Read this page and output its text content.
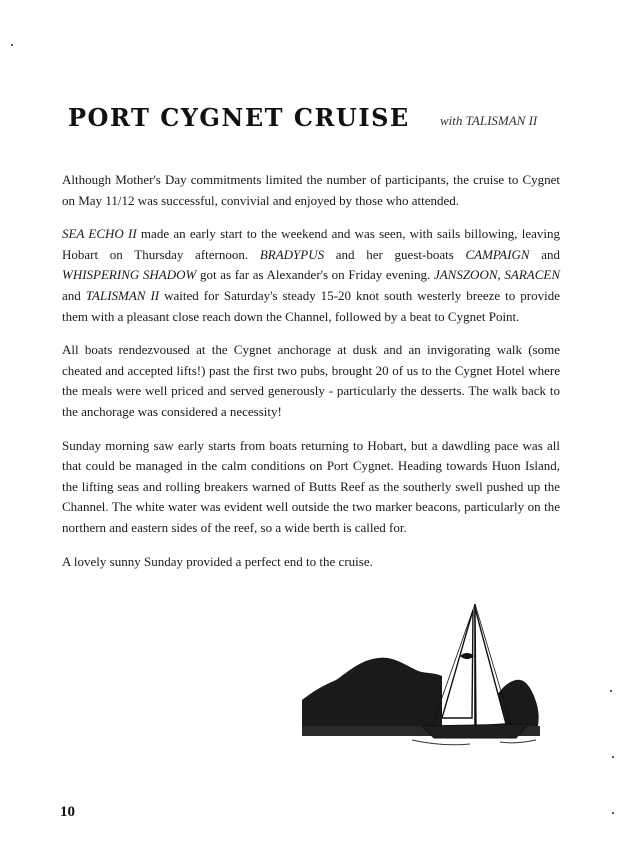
PORT CYGNET CRUISE with TALISMAN II

Although Mother's Day commitments limited the number of participants, the cruise to Cygnet on May 11/12 was successful, convivial and enjoyed by those who attended.

SEA ECHO II made an early start to the weekend and was seen, with sails billowing, leaving Hobart on Thursday afternoon. BRADYPUS and her guest-boats CAMPAIGN and WHISPERING SHADOW got as far as Alexander's on Friday evening. JANSZOON, SARACEN and TALISMAN II waited for Saturday's steady 15-20 knot south westerly breeze to provide them with a pleasant close reach down the Channel, followed by a beat to Cygnet Point.

All boats rendezvoused at the Cygnet anchorage at dusk and an invigorating walk (some cheated and accepted lifts!) past the first two pubs, brought 20 of us to the Cygnet Hotel where the meals were well priced and served generously - particularly the desserts. The walk back to the anchorage was considered a necessity!

Sunday morning saw early starts from boats returning to Hobart, but a dawdling pace was all that could be managed in the calm conditions on Port Cygnet. Heading towards Huon Island, the lifting seas and rolling breakers warned of Butts Reef as the southerly swell pushed up the Channel. The white water was evident well outside the two marker beacons, particularly on the northern and eastern sides of the reef, so a wide berth is called for.

A lovely sunny Sunday provided a perfect end to the cruise.

10
